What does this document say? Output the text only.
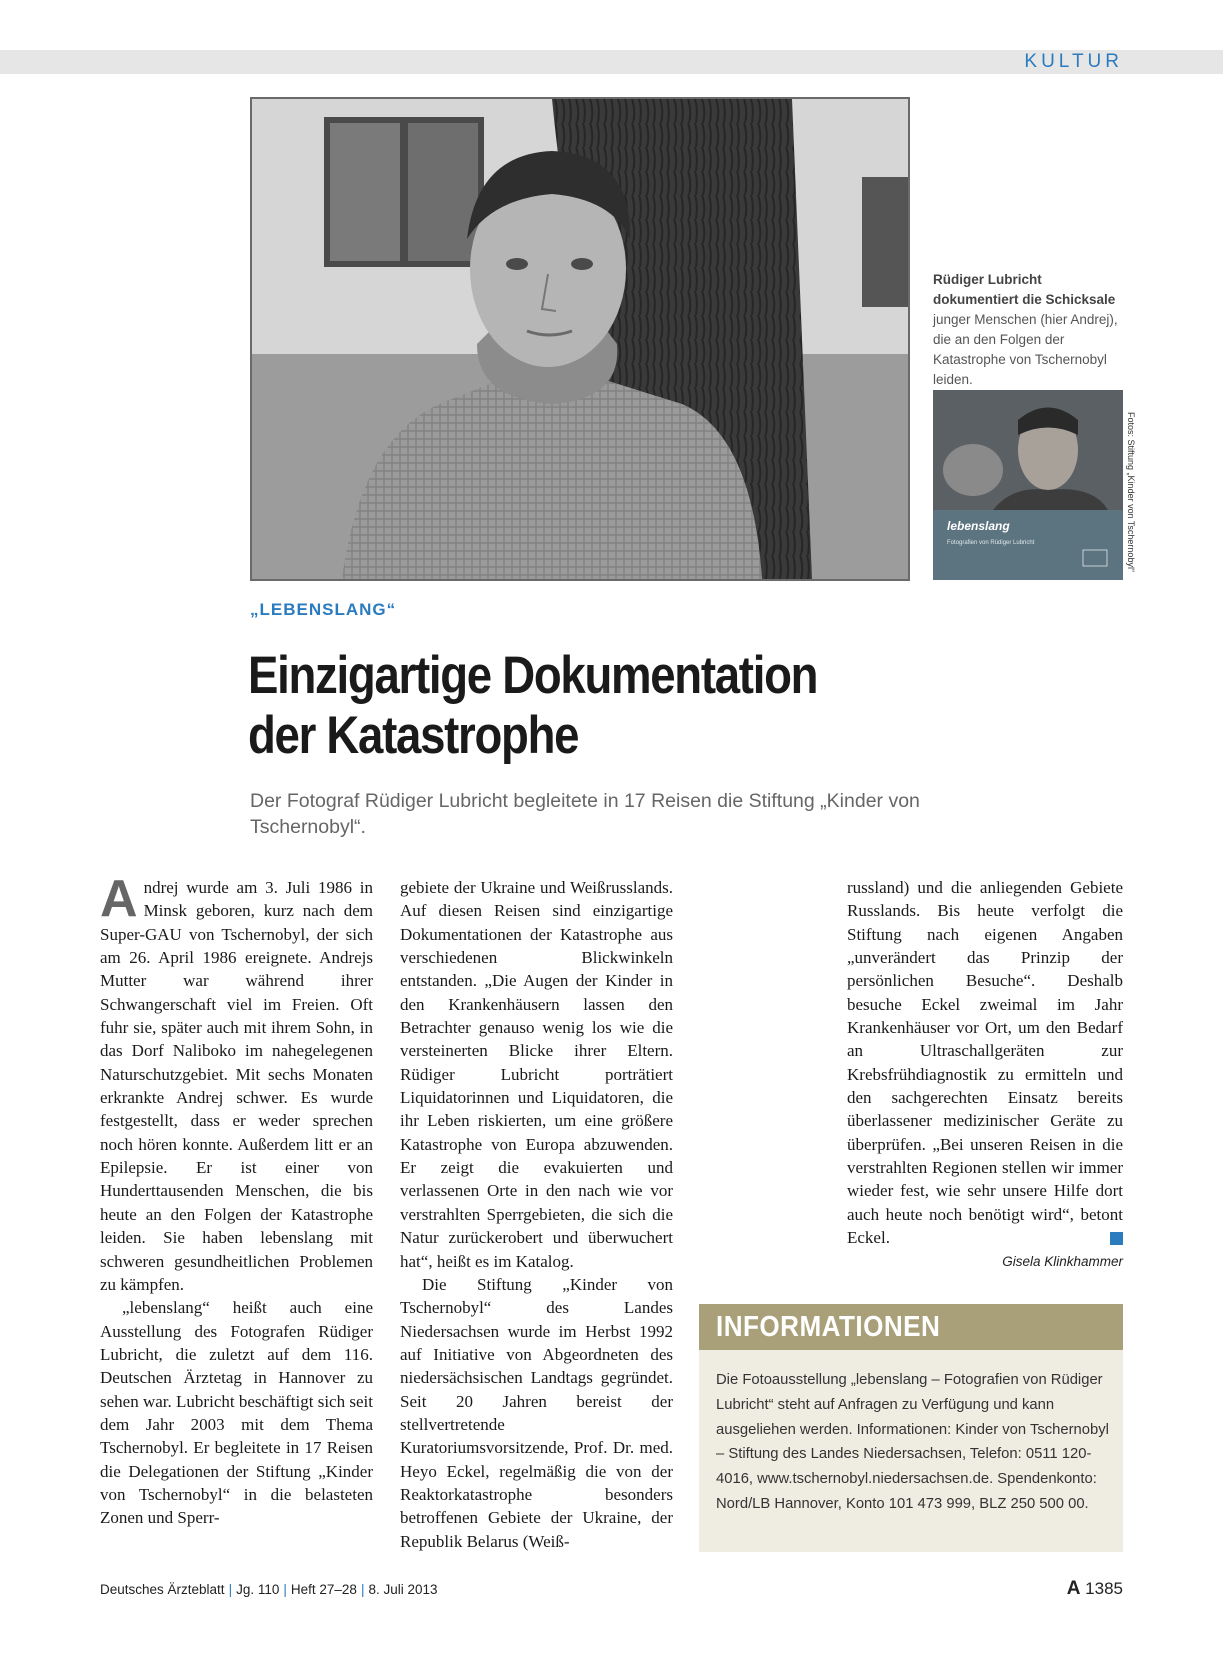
KULTUR
Rüdiger Lubricht dokumentiert die Schicksale junger Menschen (hier Andrej), die an den Folgen der Katastrophe von Tschernobyl leiden.
lebenslang
Fotografien von Rüdiger Lubricht	Fotos: Stiftung „Kinder von Tschernobyl“
„LEBENSLANG“
Einzigartige Dokumentation der Katastrophe
Der Fotograf Rüdiger Lubricht begleitete in 17 Reisen die Stiftung „Kinder von Tschernobyl“.

Andrej wurde am 3. Juli 1986 in Minsk geboren, kurz nach dem Super-GAU von Tschernobyl, der sich am 26. April 1986 ereignete. Andrejs Mutter war während ihrer Schwangerschaft viel im Freien. Oft fuhr sie, später auch mit ihrem Sohn, in das Dorf Naliboko im nahegelegenen Naturschutzgebiet. Mit sechs Monaten erkrankte Andrej schwer. Es wurde festgestellt, dass er weder sprechen noch hören konnte. Außerdem litt er an Epilepsie. Er ist einer von Hunderttausenden Menschen, die bis heute an den Folgen der Katastrophe leiden. Sie haben lebenslang mit schweren gesundheitlichen Problemen zu kämpfen.

„lebenslang“ heißt auch eine Ausstellung des Fotografen Rüdiger Lubricht, die zuletzt auf dem 116. Deutschen Ärztetag in Hannover zu sehen war. Lubricht beschäftigt sich seit dem Jahr 2003 mit dem Thema Tschernobyl. Er begleitete in 17 Reisen die Delegationen der Stiftung „Kinder von Tschernobyl“ in die belasteten Zonen und Sperr-

gebiete der Ukraine und Weißrusslands. Auf diesen Reisen sind einzigartige Dokumentationen der Katastrophe aus verschiedenen Blickwinkeln entstanden. „Die Augen der Kinder in den Krankenhäusern lassen den Betrachter genauso wenig los wie die versteinerten Blicke ihrer Eltern. Rüdiger Lubricht porträtiert Liquidatorinnen und Liquidatoren, die ihr Leben riskierten, um eine größere Katastrophe von Europa abzuwenden. Er zeigt die evakuierten und verlassenen Orte in den nach wie vor verstrahlten Sperrgebieten, die sich die Natur zurückerobert und überwuchert hat“, heißt es im Katalog.

Die Stiftung „Kinder von Tschernobyl“ des Landes Niedersachsen wurde im Herbst 1992 auf Initiative von Abgeordneten des niedersächsischen Landtags gegründet. Seit 20 Jahren bereist der stellvertretende Kuratoriumsvorsitzende, Prof. Dr. med. Heyo Eckel, regelmäßig die von der Reaktorkatastrophe besonders betroffenen Gebiete der Ukraine, der Republik Belarus (Weiß-

russland) und die anliegenden Gebiete Russlands. Bis heute verfolgt die Stiftung nach eigenen Angaben „unverändert das Prinzip der persönlichen Besuche“. Deshalb besuche Eckel zweimal im Jahr Krankenhäuser vor Ort, um den Bedarf an Ultraschallgeräten zur Krebsfrühdiagnostik zu ermitteln und den sachgerechten Einsatz bereits überlassener medizinischer Geräte zu überprüfen. „Bei unseren Reisen in die verstrahlten Regionen stellen wir immer wieder fest, wie sehr unsere Hilfe dort auch heute noch benötigt wird“, betont Eckel.

Gisela Klinkhammer
INFORMATIONEN
Die Fotoausstellung „lebenslang – Fotografien von Rüdiger Lubricht“ steht auf Anfragen zu Verfügung und kann ausgeliehen werden. Informationen: Kinder von Tschernobyl – Stiftung des Landes Niedersachsen, Telefon: 0511 120-4016, www.tschernobyl.niedersachsen.de. Spendenkonto: Nord/LB Hannover, Konto 101 473 999, BLZ 250 500 00.
Deutsches Ärzteblatt | Jg. 110 | Heft 27–28 | 8. Juli 2013	A 1385
